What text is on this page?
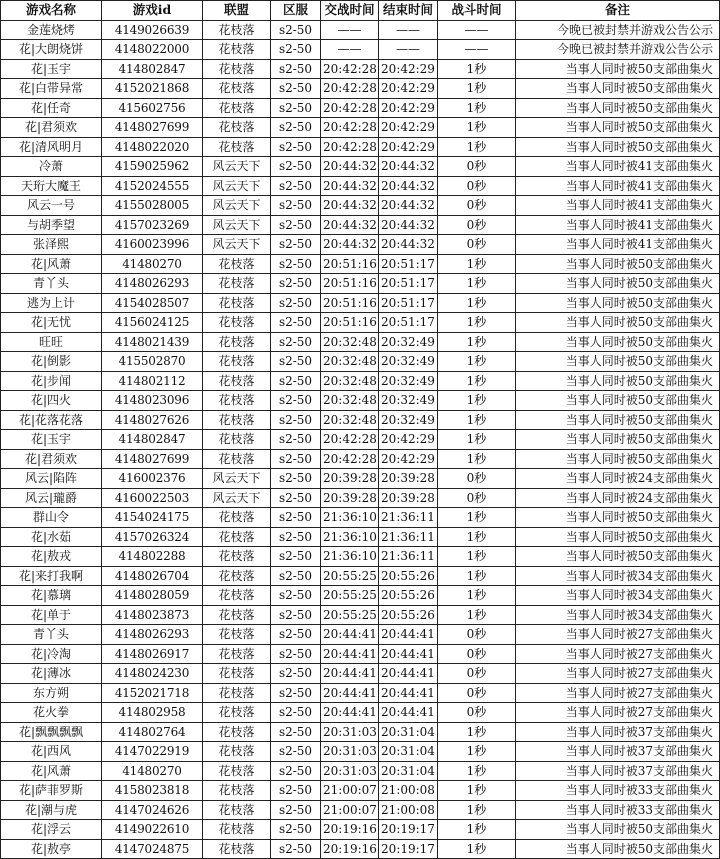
游戏名称	游戏id	联盟	区服	交战时间	结束时间	战斗时间	备注
金莲烧烤	4149026639	花枝落	s2-50	——	——	——	今晚已被封禁并游戏公告公示
花|大朗烧饼	4148022000	花枝落	s2-50	——	——	——	今晚已被封禁并游戏公告公示
花|玉宇	414802847	花枝落	s2-50	20:42:28	20:42:29	1秒	当事人同时被50支部曲集火
花|白带异常	4152021868	花枝落	s2-50	20:42:28	20:42:29	1秒	当事人同时被50支部曲集火
花|任奇	415602756	花枝落	s2-50	20:42:28	20:42:29	1秒	当事人同时被50支部曲集火
花|君须欢	4148027699	花枝落	s2-50	20:42:28	20:42:29	1秒	当事人同时被50支部曲集火
花|清风明月	4148022020	花枝落	s2-50	20:42:28	20:42:29	1秒	当事人同时被50支部曲集火
冷萧	4159025962	风云天下	s2-50	20:44:32	20:44:32	0秒	当事人同时被41支部曲集火
天珩大魔王	4152024555	风云天下	s2-50	20:44:32	20:44:32	0秒	当事人同时被41支部曲集火
风云一号	4155028005	风云天下	s2-50	20:44:32	20:44:32	0秒	当事人同时被41支部曲集火
与胡季望	4157023269	风云天下	s2-50	20:44:32	20:44:32	0秒	当事人同时被41支部曲集火
张泽熙	4160023996	风云天下	s2-50	20:44:32	20:44:32	0秒	当事人同时被41支部曲集火
花|风萧	41480270	花枝落	s2-50	20:51:16	20:51:17	1秒	当事人同时被50支部曲集火
青丫头	4148026293	花枝落	s2-50	20:51:16	20:51:17	1秒	当事人同时被50支部曲集火
逃为上计	4154028507	花枝落	s2-50	20:51:16	20:51:17	1秒	当事人同时被50支部曲集火
花|无忧	4156024125	花枝落	s2-50	20:51:16	20:51:17	1秒	当事人同时被50支部曲集火
旺旺	4148021439	花枝落	s2-50	20:32:48	20:32:49	1秒	当事人同时被50支部曲集火
花|倒影	415502870	花枝落	s2-50	20:32:48	20:32:49	1秒	当事人同时被50支部曲集火
花|步闻	414802112	花枝落	s2-50	20:32:48	20:32:49	1秒	当事人同时被50支部曲集火
花|四火	4148023096	花枝落	s2-50	20:32:48	20:32:49	1秒	当事人同时被50支部曲集火
花|花落花落	4148027626	花枝落	s2-50	20:32:48	20:32:49	1秒	当事人同时被50支部曲集火
花|玉宇	414802847	花枝落	s2-50	20:42:28	20:42:29	1秒	当事人同时被50支部曲集火
花|君须欢	4148027699	花枝落	s2-50	20:42:28	20:42:29	1秒	当事人同时被50支部曲集火
风云|陷阵	416002376	风云天下	s2-50	20:39:28	20:39:28	0秒	当事人同时被24支部曲集火
风云|瓏爵	4160022503	风云天下	s2-50	20:39:28	20:39:28	0秒	当事人同时被24支部曲集火
群山令	4154024175	花枝落	s2-50	21:36:10	21:36:11	1秒	当事人同时被50支部曲集火
花|水茹	4157026324	花枝落	s2-50	21:36:10	21:36:11	1秒	当事人同时被50支部曲集火
花|敖戎	414802288	花枝落	s2-50	21:36:10	21:36:11	1秒	当事人同时被50支部曲集火
花|来打我啊	4148026704	花枝落	s2-50	20:55:25	20:55:26	1秒	当事人同时被34支部曲集火
花|慕璃	4148028059	花枝落	s2-50	20:55:25	20:55:26	1秒	当事人同时被34支部曲集火
花|单于	4148023873	花枝落	s2-50	20:55:25	20:55:26	1秒	当事人同时被34支部曲集火
青丫头	4148026293	花枝落	s2-50	20:44:41	20:44:41	0秒	当事人同时被27支部曲集火
花|冷淘	4148026917	花枝落	s2-50	20:44:41	20:44:41	0秒	当事人同时被27支部曲集火
花|薄冰	4148024230	花枝落	s2-50	20:44:41	20:44:41	0秒	当事人同时被27支部曲集火
东方朔	4152021718	花枝落	s2-50	20:44:41	20:44:41	0秒	当事人同时被27支部曲集火
花火拳	414802958	花枝落	s2-50	20:44:41	20:44:41	0秒	当事人同时被27支部曲集火
花|飘飘飘飘	414802764	花枝落	s2-50	20:31:03	20:31:04	1秒	当事人同时被37支部曲集火
花|西风	4147022919	花枝落	s2-50	20:31:03	20:31:04	1秒	当事人同时被37支部曲集火
花|风萧	41480270	花枝落	s2-50	20:31:03	20:31:04	1秒	当事人同时被37支部曲集火
花|萨菲罗斯	4158023818	花枝落	s2-50	21:00:07	21:00:08	1秒	当事人同时被33支部曲集火
花|潮与虎	4147024626	花枝落	s2-50	21:00:07	21:00:08	1秒	当事人同时被33支部曲集火
花|浮云	4149022610	花枝落	s2-50	20:19:16	20:19:17	1秒	当事人同时被50支部曲集火
花|敖亭	4147024875	花枝落	s2-50	20:19:16	20:19:17	1秒	当事人同时被50支部曲集火
